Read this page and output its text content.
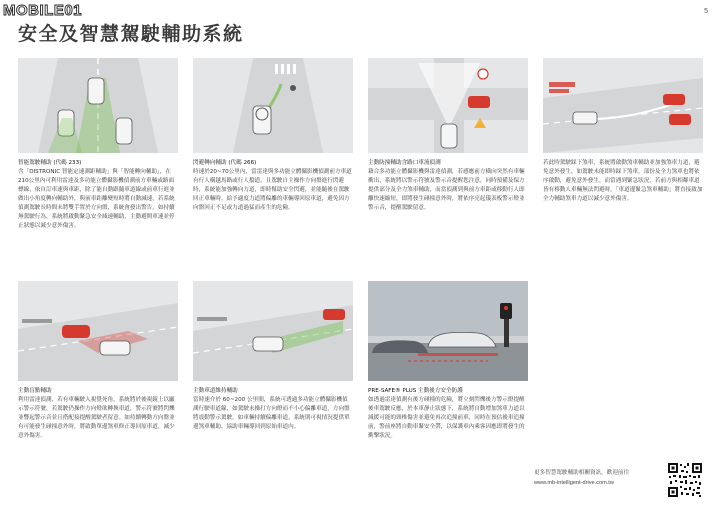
MOBILE01	5
安全及智慧駕駛輔助系統
智能駕駛輔助 (代碼 233)
含「DISTRONIC 智能定速測距輔助」與「智能轉向輔助」，在210公里內可利用雷達及多功能立體攝影機偵測前方車輛或路面標線，依自訂車速與車距，除了能自動跟隨車道線或前車行進並做出小角度轉向輔助外，與前車距離變短時將自動減速，若系統偵測駕駛長時間未將雙手置於方向盤，系統會發出警告，如持續無駕駛行為，系統將啟動緊急安全減速輔助，主動避開車速並停止狀態以減少意外傷害。
閃避轉向輔助 (代碼 266)
時速於20~70公里內，當雷達與多功能立體攝影機偵測前方車道有行人橫越馬路或行人擋道，且駕駛自主操作方向盤進行閃避時，系統能加強轉向力道，即時幫助安全閃避，並能隨後在駕駛回正車輛時，給予適度力道將偏離的車輛導回原車道，避免因方向盤回正不足或力道過猛而產生的危險。
主動防撞輔助含路口車流偵測
藉合多功能立體攝影機與雷達偵測，若感應前方橫向突然有車輛衝出，系統將以警示符號及警示音提醒您注意，同時預備及保方提供部分及全力煞車輔助，而當偵測到與前方車距或移動行人即離快速縮短，即將發生碰撞意外時，將依序亮起儀表板警示燈並警示音，提醒駕駛留意。
若此時駕駛踩下煞車，系統將啟動煞車輔助並加強煞車力道，避免意外發生，如駕駛未能即時踩下煞車，部份及全力煞車也將依序啟動，避免意外發生，而當遇到緊急狀況，若前方與相鄰車道皆有移動人車輛無法閃避時，「車道邊緊急煞車輔助」將直接啟加全力輔助煞車力道以減少意外傷害。
主動盲點輔助
利用雷達偵測，若有車輛駛入視覺死角，系統將於後視鏡上以顯示警示符號，若駕駛仍操作方向燈欲轉換車道，警示符號將閃爍並響起警示音並且搭配接提醒駕駛者留意。如持續轉動方向盤並有可能發生碰撞意外時，將啟動單邊煞車修正導回原車道，減少意外傷害。
主動車道維持輔助
當時速介於 60~200 公里間，系統可透過多功能立體攝影機偵測行駛車道線，如駕駛未操打方向燈而不小心偏離車道，方向盤將震動警示駕駛，如車輛持續偏離車道，系統則可視情況提供單邊煞車輔助，協助車輛導回到原始車道內。
PRE-SAFE® PLUS 主動後方安全防護
如透過雷達偵測有後方碰撞的危險，將立刻閃爍後方警示燈提醒後車駕駛反應，於本車靜止狀態下，系統將自動增加煞車力道以減緩可能的頸椎傷害並避免再次追撞前車，同時在預估後車追撞前，警前座將自動車緊安全帶，以保護車內乘客因應即將發生的衝擊狀況。
更多智慧駕駛輔助相關資訊，歡迎前往
www.mb-intelligent-drive.com.tw
